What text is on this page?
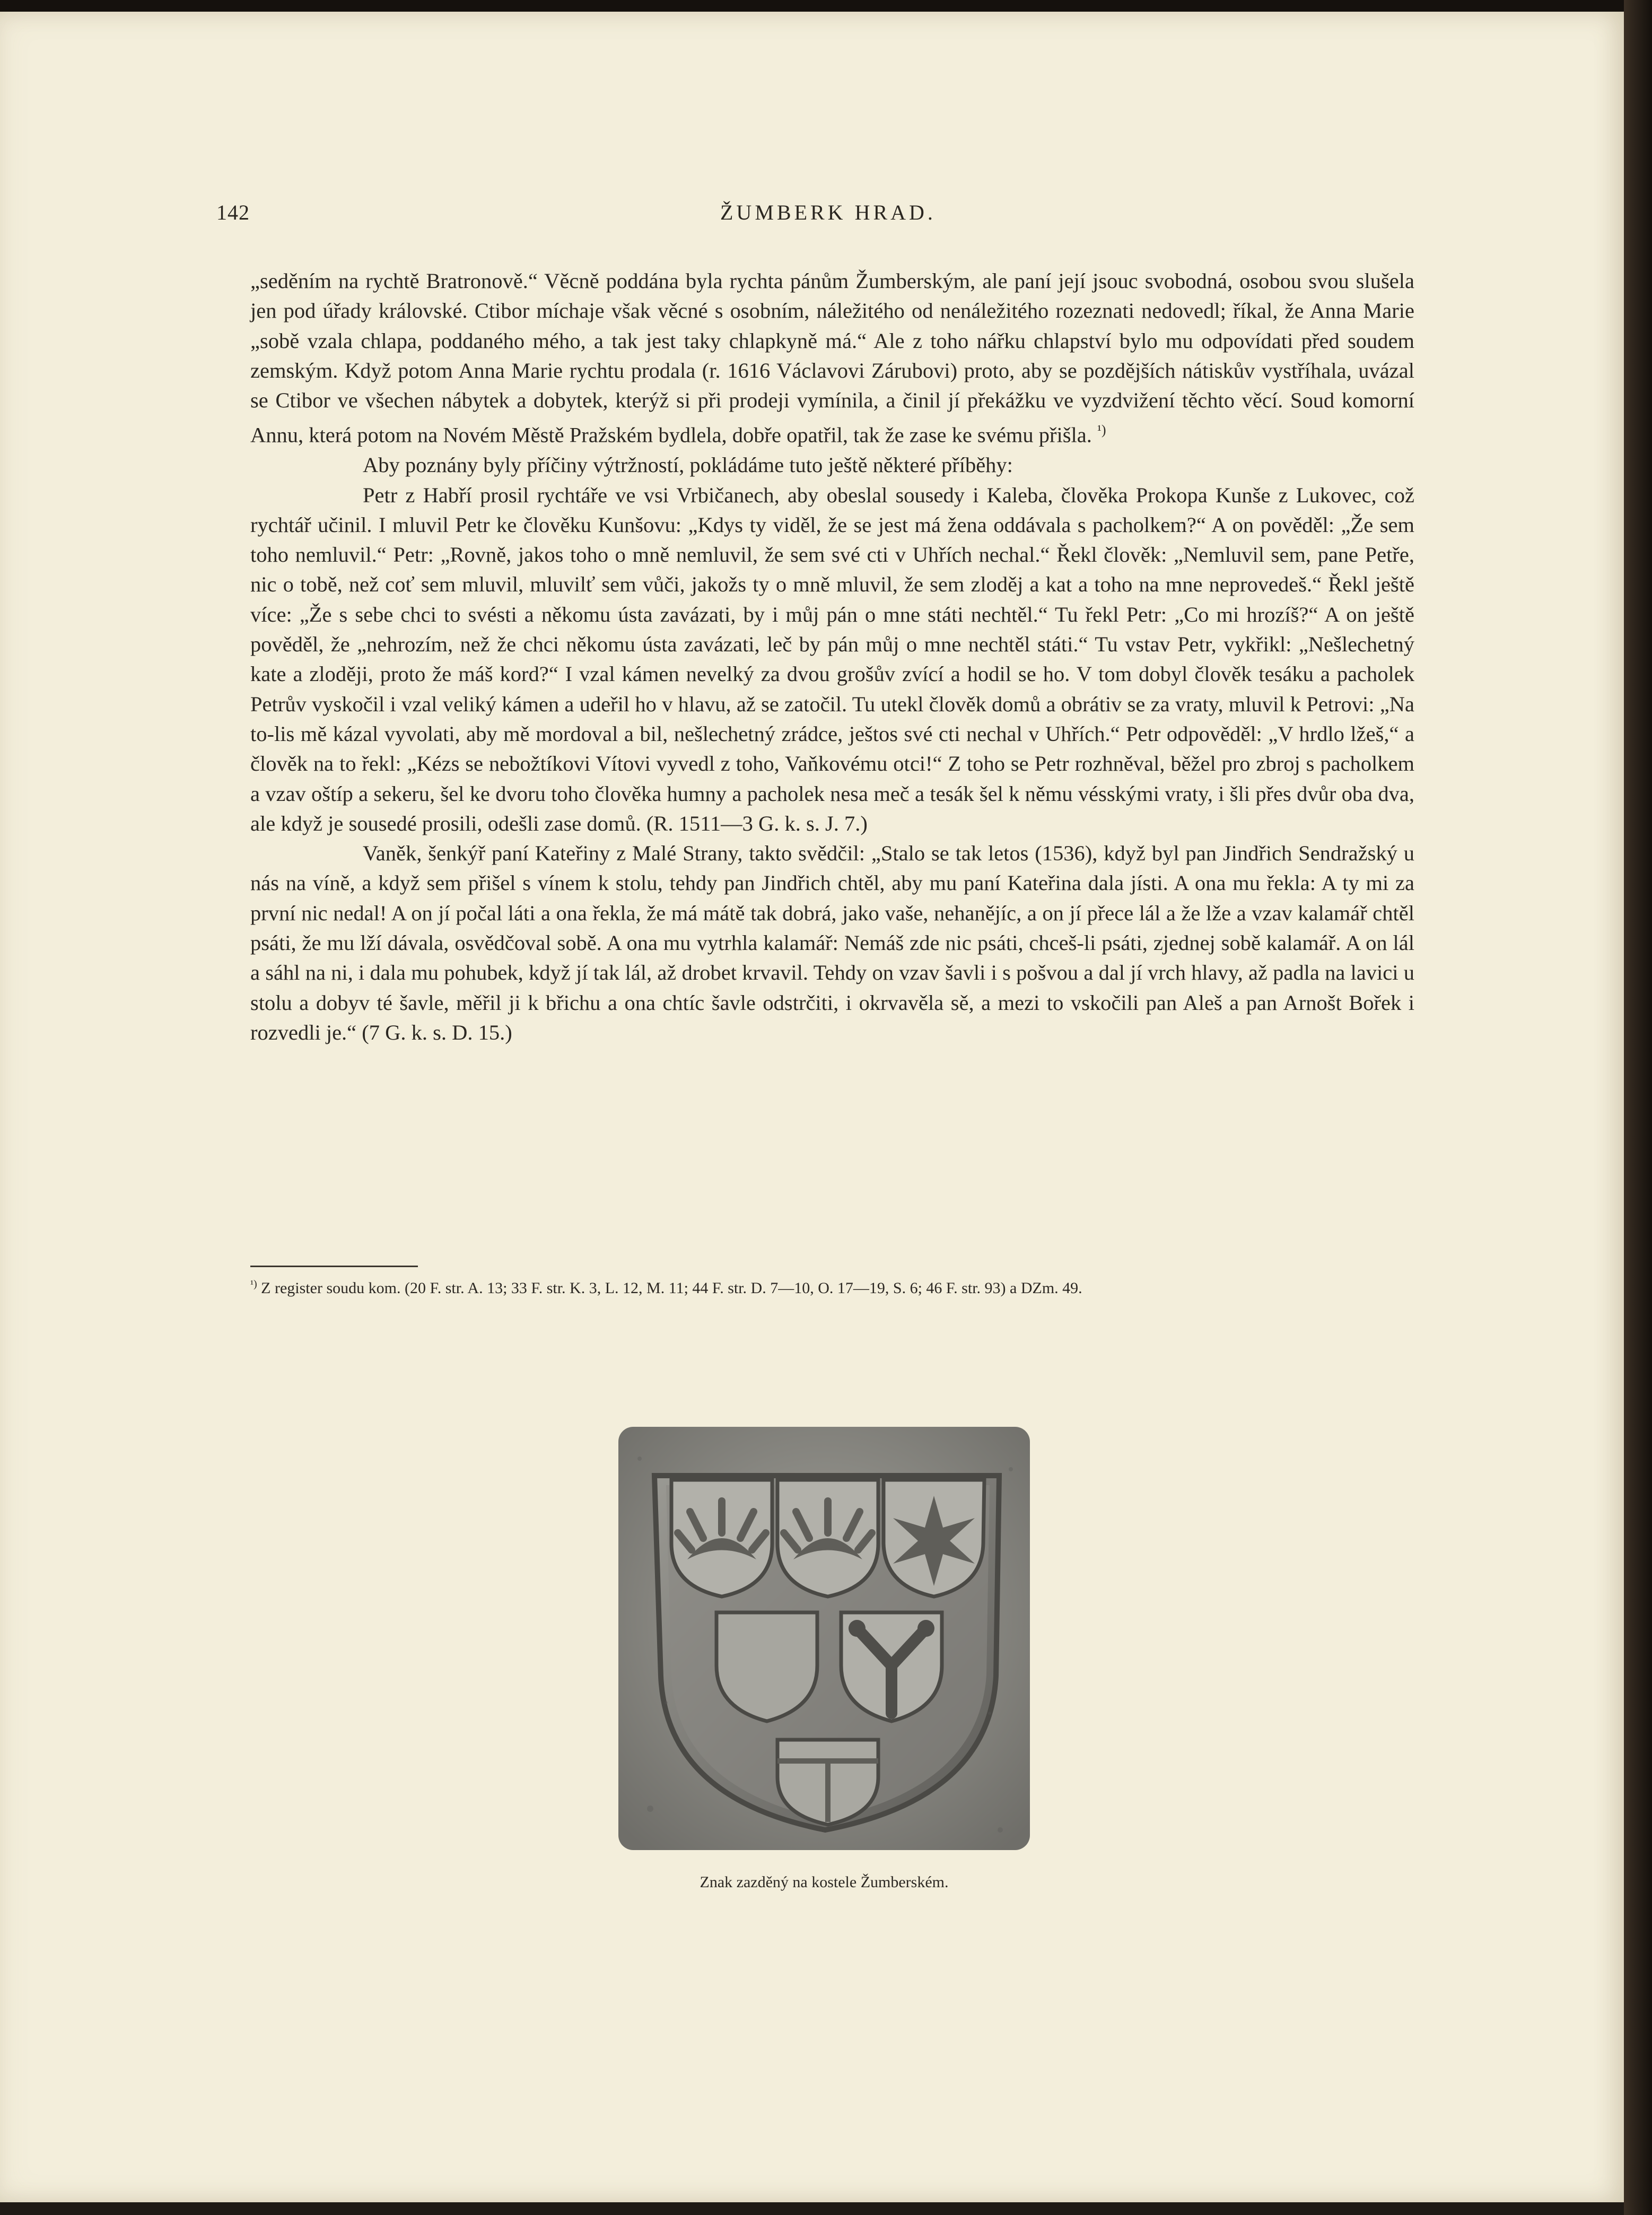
142	ŽUMBERK HRAD.

„seděním na rychtě Bratronově.“ Věcně poddána byla rychta pánům Žumberským, ale paní její jsouc svobodná, osobou svou slušela jen pod úřady královské. Ctibor míchaje však věcné s osobním, náležitého od nenáležitého rozeznati nedovedl; říkal, že Anna Marie „sobě vzala chlapa, poddaného mého, a tak jest taky chlapkyně má.“ Ale z toho nářku chlapství bylo mu odpovídati před soudem zemským. Když potom Anna Marie rychtu prodala (r. 1616 Václavovi Zárubovi) proto, aby se pozdějších nátiskův vystříhala, uvázal se Ctibor ve všechen nábytek a dobytek, kterýž si při prodeji vymínila, a činil jí překážku ve vyzdvižení těchto věcí. Soud komorní Annu, která potom na Novém Městě Pražském bydlela, dobře opatřil, tak že zase ke svému přišla. $^{^1)}$

Aby poznány byly příčiny výtržností, pokládáme tuto ještě některé příběhy:

Petr z Habří prosil rychtáře ve vsi Vrbičanech, aby obeslal sousedy i Kaleba, člověka Prokopa Kunše z Lukovec, což rychtář učinil. I mluvil Petr ke člověku Kunšovu: „Kdys ty viděl, že se jest má žena oddávala s pacholkem?“ A on pověděl: „Že sem toho nemluvil.“ Petr: „Rovně, jakos toho o mně nemluvil, že sem své cti v Uhřích nechal.“ Řekl člověk: „Nemluvil sem, pane Petře, nic o tobě, než coť sem mluvil, mluvilť sem vůči, jakožs ty o mně mluvil, že sem zloděj a kat a toho na mne neprovedeš.“ Řekl ještě více: „Že s sebe chci to svésti a někomu ústa zavázati, by i můj pán o mne státi nechtěl.“ Tu řekl Petr: „Co mi hrozíš?“ A on ještě pověděl, že „nehrozím, než že chci někomu ústa zavázati, leč by pán můj o mne nechtěl státi.“ Tu vstav Petr, vykřikl: „Nešlechetný kate a zloději, proto že máš kord?“ I vzal kámen nevelký za dvou grošův zvící a hodil se ho. V tom dobyl člověk tesáku a pacholek Petrův vyskočil i vzal veliký kámen a udeřil ho v hlavu, až se zatočil. Tu utekl člověk domů a obrátiv se za vraty, mluvil k Petrovi: „Na to-lis mě kázal vyvolati, aby mě mordoval a bil, nešlechetný zrádce, ještos své cti nechal v Uhřích.“ Petr odpověděl: „V hrdlo lžeš,“ a člověk na to řekl: „Kézs se nebožtíkovi Vítovi vyvedl z toho, Vaňkovému otci!“ Z toho se Petr rozhněval, běžel pro zbroj s pacholkem a vzav oštíp a sekeru, šel ke dvoru toho člověka humny a pacholek nesa meč a tesák šel k němu vésskými vraty, i šli přes dvůr oba dva, ale když je sousedé prosili, odešli zase domů. (R. 1511—3 G. k. s. J. 7.)

Vaněk, šenkýř paní Kateřiny z Malé Strany, takto svědčil: „Stalo se tak letos (1536), když byl pan Jindřich Sendražský u nás na víně, a když sem přišel s vínem k stolu, tehdy pan Jindřich chtěl, aby mu paní Kateřina dala jísti. A ona mu řekla: A ty mi za první nic nedal! A on jí počal láti a ona řekla, že má mátě tak dobrá, jako vaše, nehanějíc, a on jí přece lál a že lže a vzav kalamář chtěl psáti, že mu lží dávala, osvědčoval sobě. A ona mu vytrhla kalamář: Nemáš zde nic psáti, chceš-li psáti, zjednej sobě kalamář. A on lál a sáhl na ni, i dala mu pohubek, když jí tak lál, až drobet krvavil. Tehdy on vzav šavli i s pošvou a dal jí vrch hlavy, až padla na lavici u stolu a dobyv té šavle, měřil ji k břichu a ona chtíc šavle odstrčiti, i okrvavěla sě, a mezi to vskočili pan Aleš a pan Arnošt Bořek i rozvedli je.“ (7 G. k. s. D. 15.)

$^{^1)}$ Z register soudu kom. (20 F. str. A. 13; 33 F. str. K. 3, L. 12, M. 11; 44 F. str. D. 7—10, O. 17—19, S. 6; 46 F. str. 93) a DZm. 49.
Znak zazděný na kostele Žumberském.
